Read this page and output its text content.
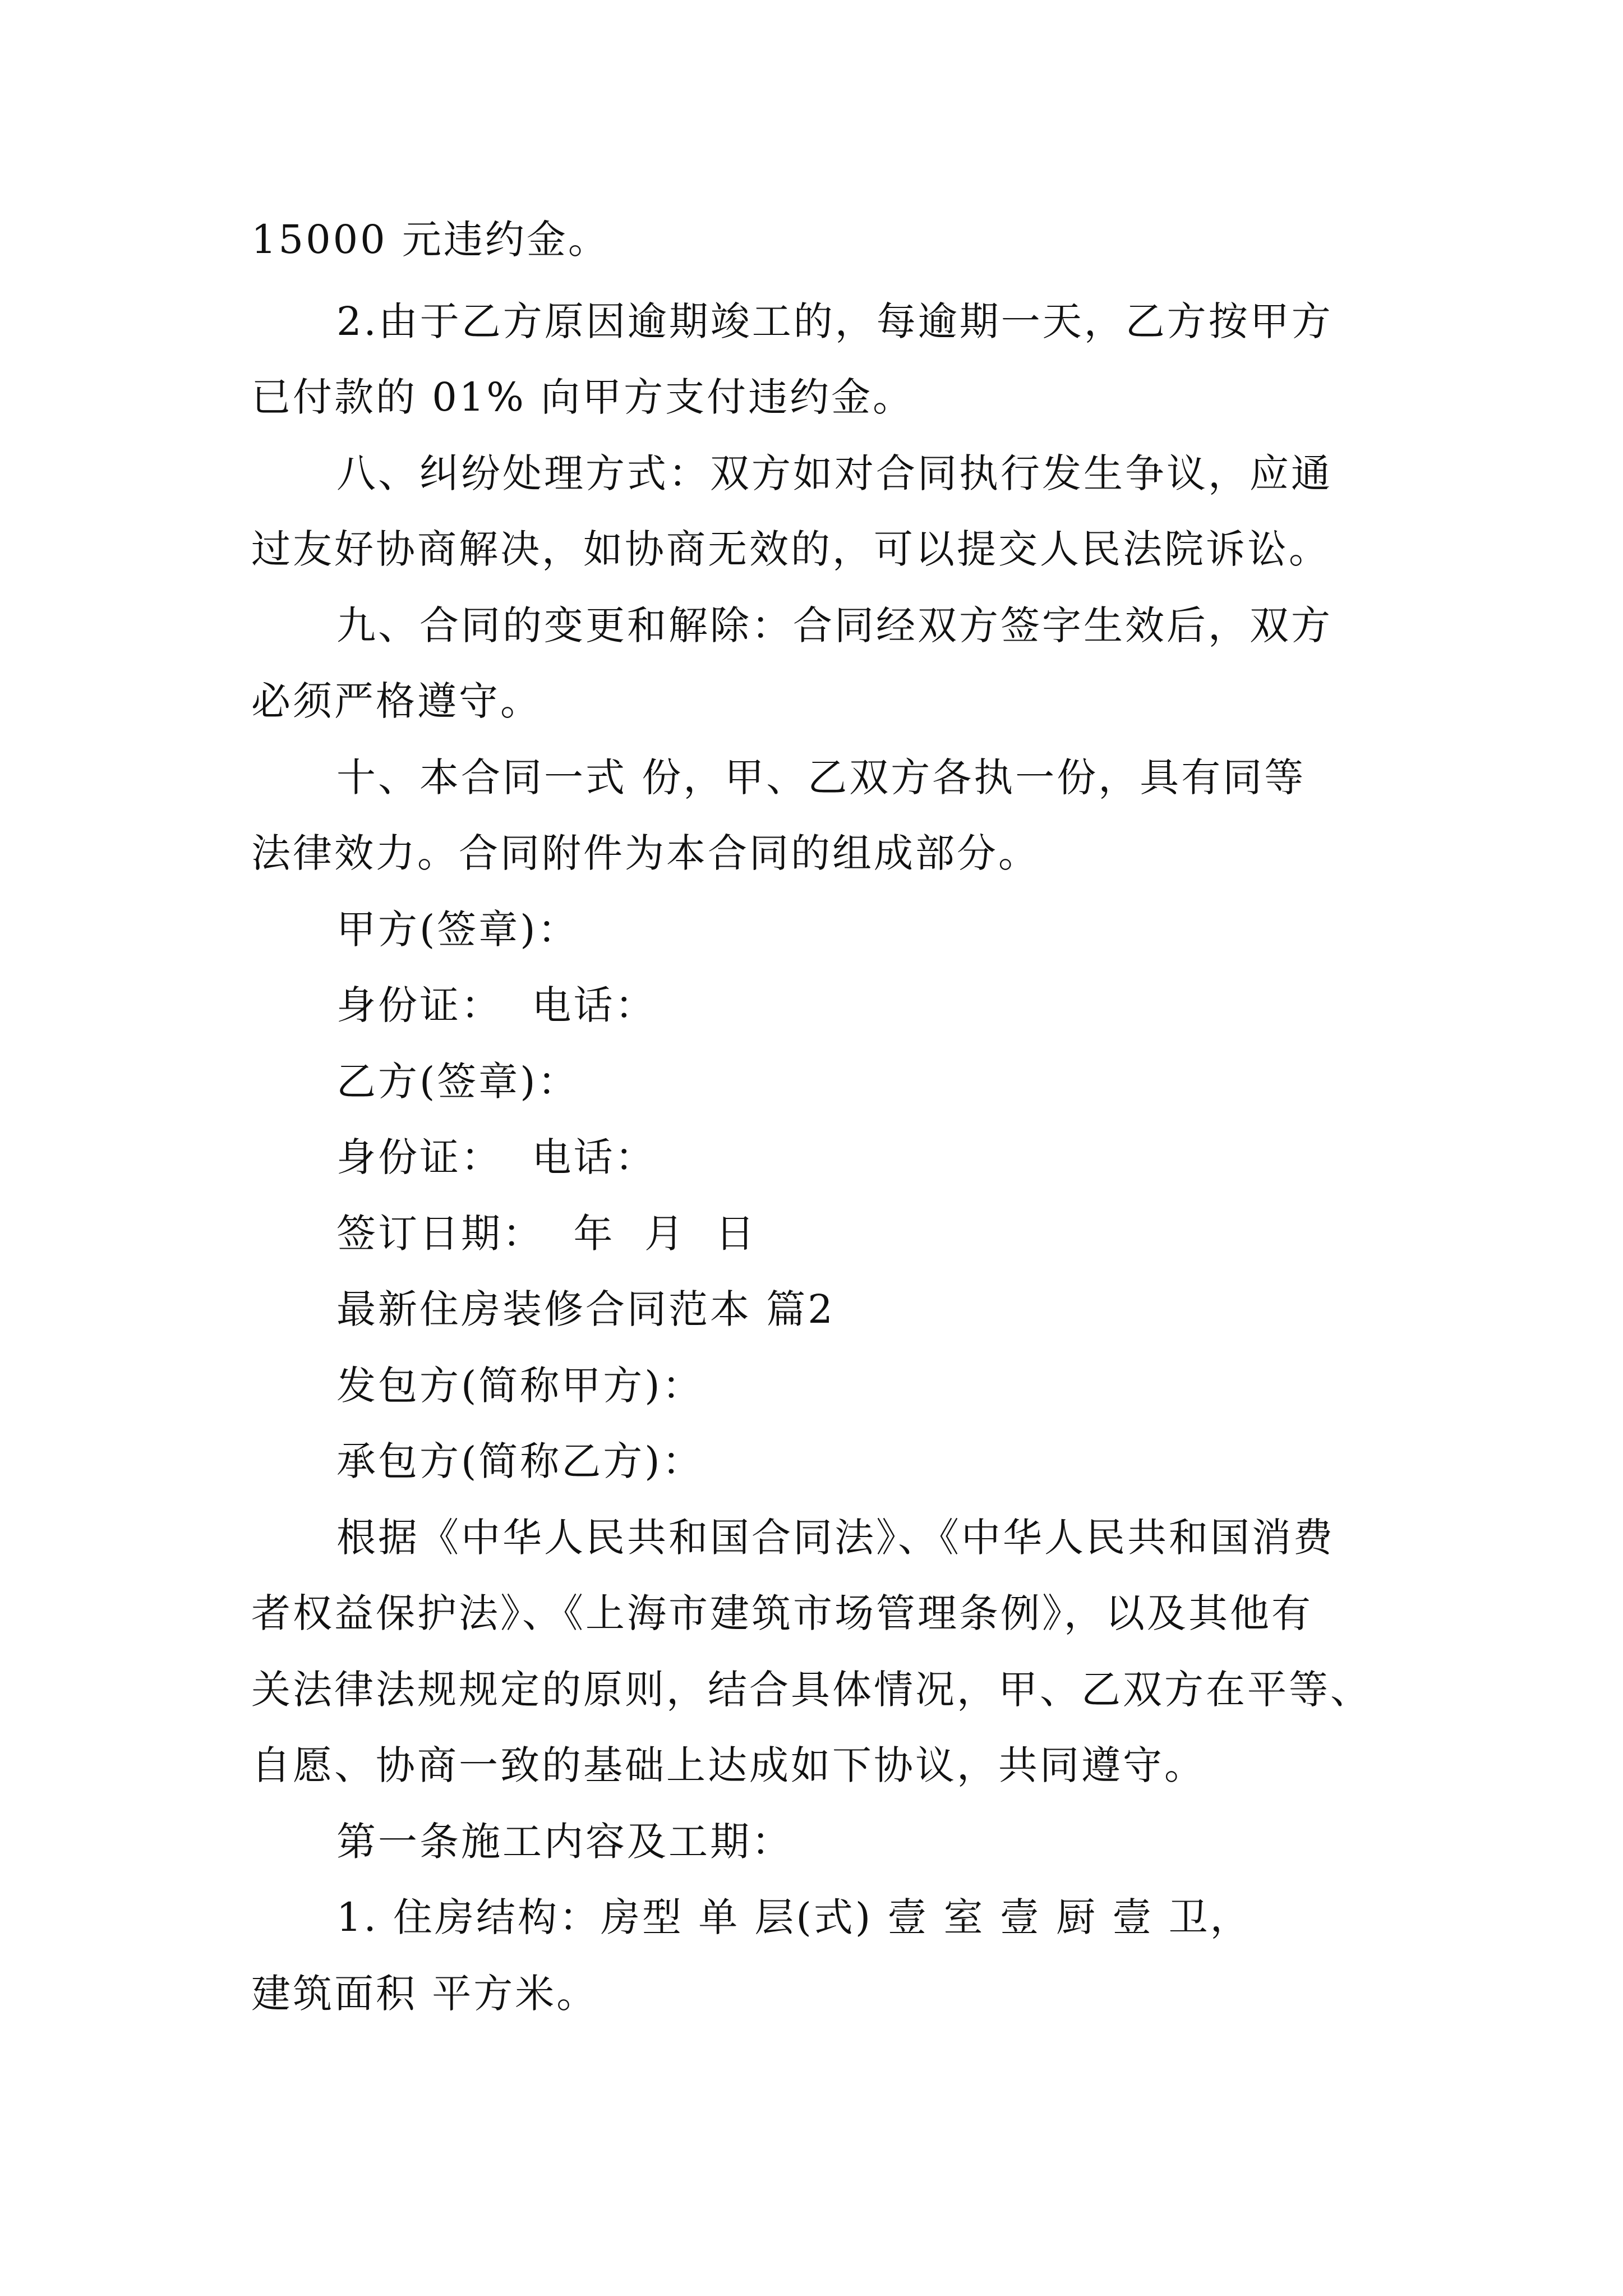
15000 元违约金。
2.由于乙方原因逾期竣工的，每逾期一天，乙方按甲方
已付款的 01% 向甲方支付违约金。
八、纠纷处理方式：双方如对合同执行发生争议，应通
过友好协商解决，如协商无效的，可以提交人民法院诉讼。
九、合同的变更和解除：合同经双方签字生效后，双方
必须严格遵守。
十、本合同一式 份，甲、乙双方各执一份，具有同等
法律效力。合同附件为本合同的组成部分。
甲方(签章)：
身份证：  电话：
乙方(签章)：
身份证：  电话：
签订日期：  年  月  日
最新住房装修合同范本 篇2
发包方(简称甲方)：
承包方(简称乙方)：
根据《中华人民共和国合同法》、《中华人民共和国消费
者权益保护法》、《上海市建筑市场管理条例》，以及其他有
关法律法规规定的原则，结合具体情况，甲、乙双方在平等、
自愿、协商一致的基础上达成如下协议，共同遵守。
第一条施工内容及工期：
1. 住房结构：房型 单 层(式) 壹 室 壹 厨 壹 卫，
建筑面积 平方米。
